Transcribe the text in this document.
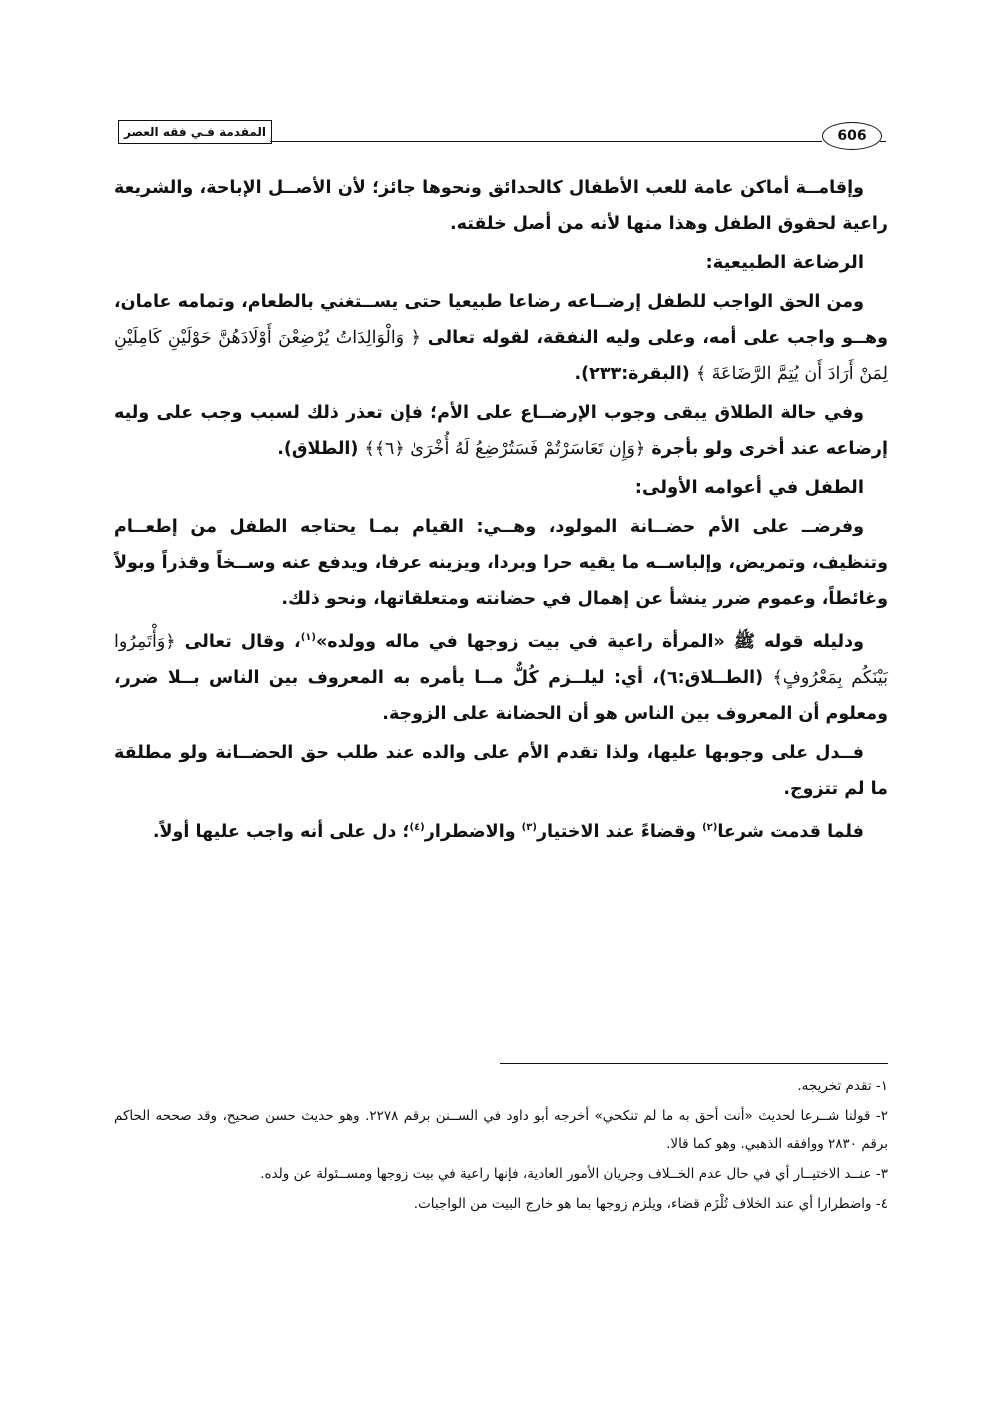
المقدمة فـي فقه العصر	606

وإقامــة أماكن عامة للعب الأطفال كالحدائق ونحوها جائز؛ لأن الأصــل الإباحة، والشريعة راعية لحقوق الطفل وهذا منها لأنه من أصل خلقته.

الرضاعة الطبيعية:

ومن الحق الواجب للطفل إرضــاعه رضاعا طبيعيا حتى يســتغني بالطعام، وتمامه عامان، وهــو واجب على أمه، وعلى وليه النفقة، لقوله تعالى ﴿ وَالْوَالِدَاتُ يُرْضِعْنَ أَوْلَادَهُنَّ حَوْلَيْنِ كَامِلَيْنِ لِمَنْ أَرَادَ أَن يُتِمَّ الرَّضَاعَةَ ﴾ (البقرة:٢٣٣).

وفي حالة الطلاق يبقى وجوب الإرضــاع على الأم؛ فإن تعذر ذلك لسبب وجب على وليه إرضاعه عند أخرى ولو بأجرة ﴿وَإِن تَعَاسَرْتُمْ فَسَتُرْضِعُ لَهُ أُخْرَىٰ ﴿٦﴾﴾ (الطلاق).

الطفل في أعوامه الأولى:

وفرضــ على الأم حضــانة المولود، وهــي: القيام بمـا يحتاجه الطفل من إطعــام وتنظيف، وتمريض، وإلباســه ما يقيه حرا وبردا، ويزينه عرفا، ويدفع عنه وســخاً وقذراً وبولاً وغائطاً، وعموم ضرر ينشأ عن إهمال في حضانته ومتعلقاتها، ونحو ذلك.

ودليله قوله ﷺ «المرأة راعية في بيت زوجها في ماله وولده»$^{(١)}$، وقال تعالى ﴿وَأْتَمِرُوا بَيْنَكُم بِمَعْرُوفٍ﴾ (الطــلاق:٦)، أي: ليلــزم كُلٌّ مــا يأمره به المعروف بين الناس بــلا ضرر، ومعلوم أن المعروف بين الناس هو أن الحضانة على الزوجة.

فــدل على وجوبها عليها، ولذا تقدم الأم على والده عند طلب حق الحضــانة ولو مطلقة ما لم تتزوج.

فلما قدمت شرعا$^{(٢)}$ وقضاءً عند الاختيار$^{(٣)}$ والاضطرار$^{(٤)}$؛ دل على أنه واجب عليها أولاً.

١- تقدم تخريجه.

٢- قولنا شــرعا لحديث «أنت أحق به ما لم تنكحي» أخرجه أبو داود في الســنن برقم ٢٢٧٨. وهو حديث حسن صحيح، وقد صححه الحاكم برقم ٢٨٣٠ ووافقه الذهبي. وهو كما قالا.

٣- عنــد الاختيــار أي في حال عدم الخــلاف وجريان الأمور العادية، فإنها راعية في بيت زوجها ومســئولة عن ولده.

٤- واضطرارا أي عند الخلاف تُلْزَم قضاء، ويلزم زوجها بما هو خارج البيت من الواجبات.
